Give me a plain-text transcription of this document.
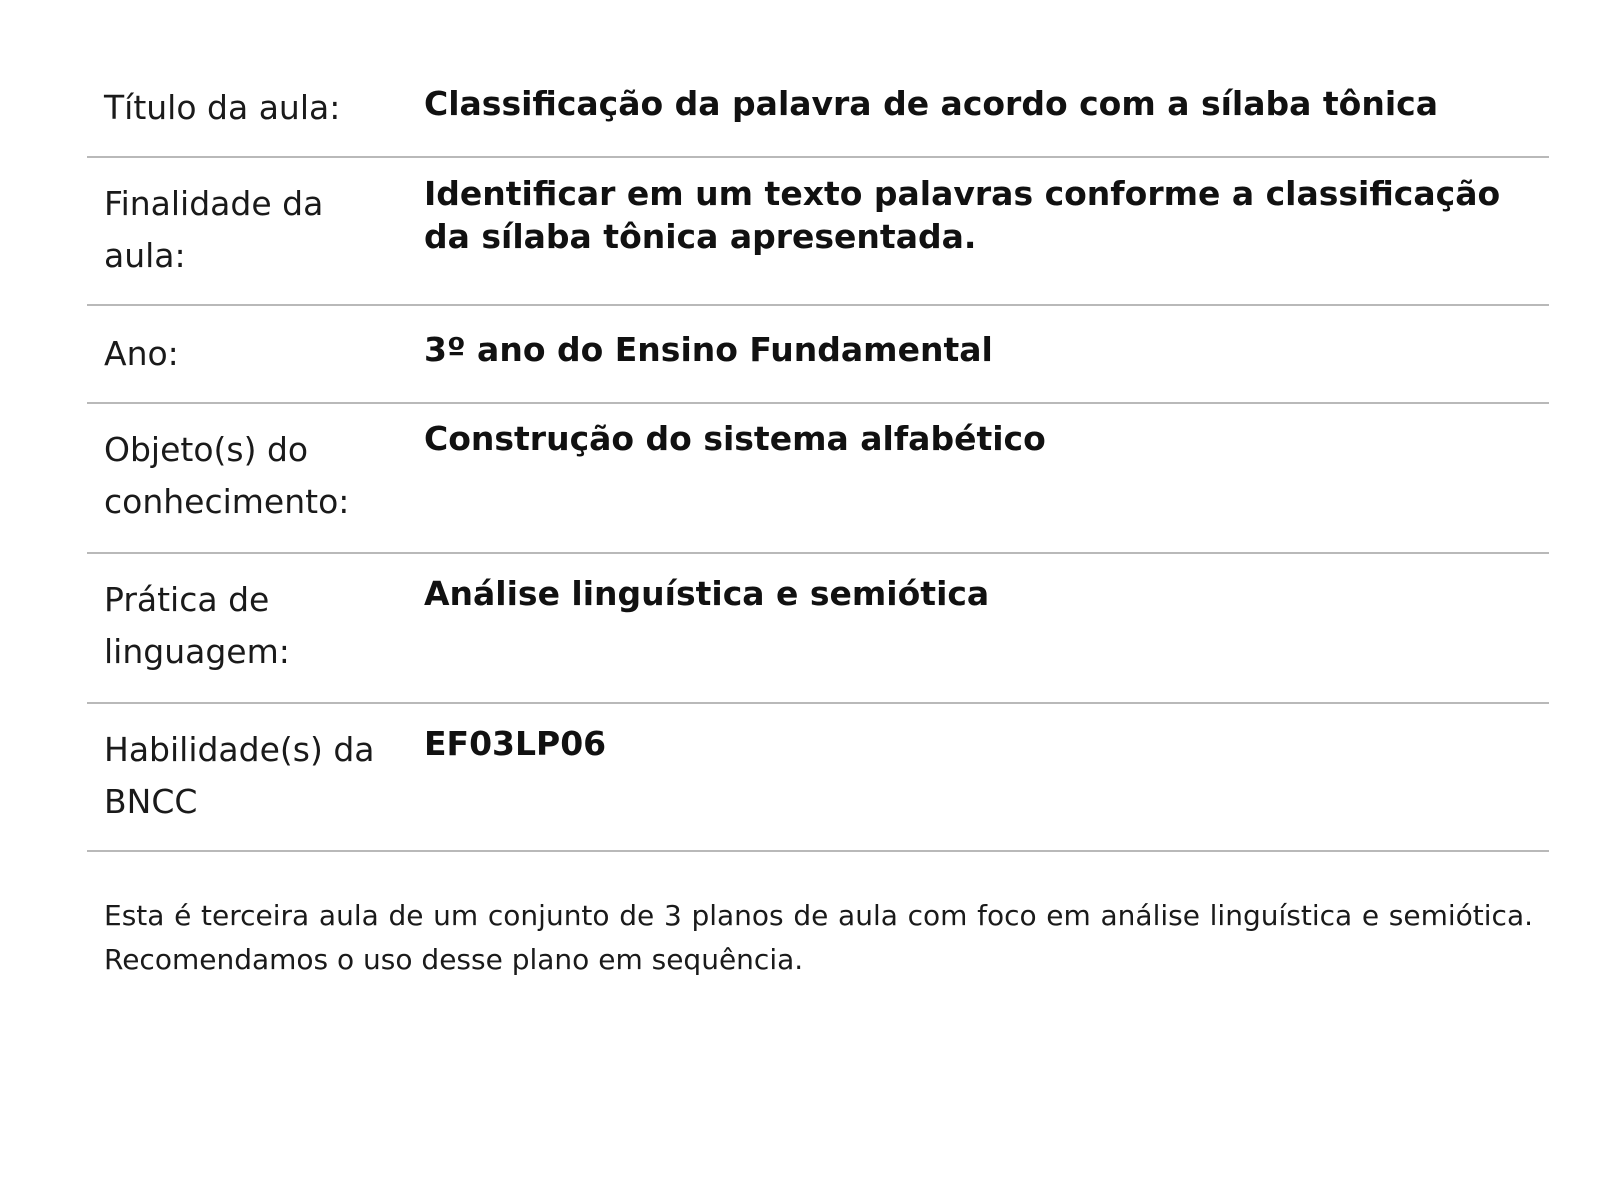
Título da aula:	Classificação da palavra de acordo com a sílaba tônica
Finalidade da aula:
Identificar em um texto palavras conforme a classificação da sílaba tônica apresentada.
Ano:	3º ano do Ensino Fundamental
Objeto(s) do conhecimento:
Construção do sistema alfabético
Prática de linguagem:
Análise linguística e semiótica
Habilidade(s) da BNCC
EF03LP06

Esta é terceira aula de um conjunto de 3 planos de aula com foco em análise linguística e semiótica. Recomendamos o uso desse plano em sequência.
